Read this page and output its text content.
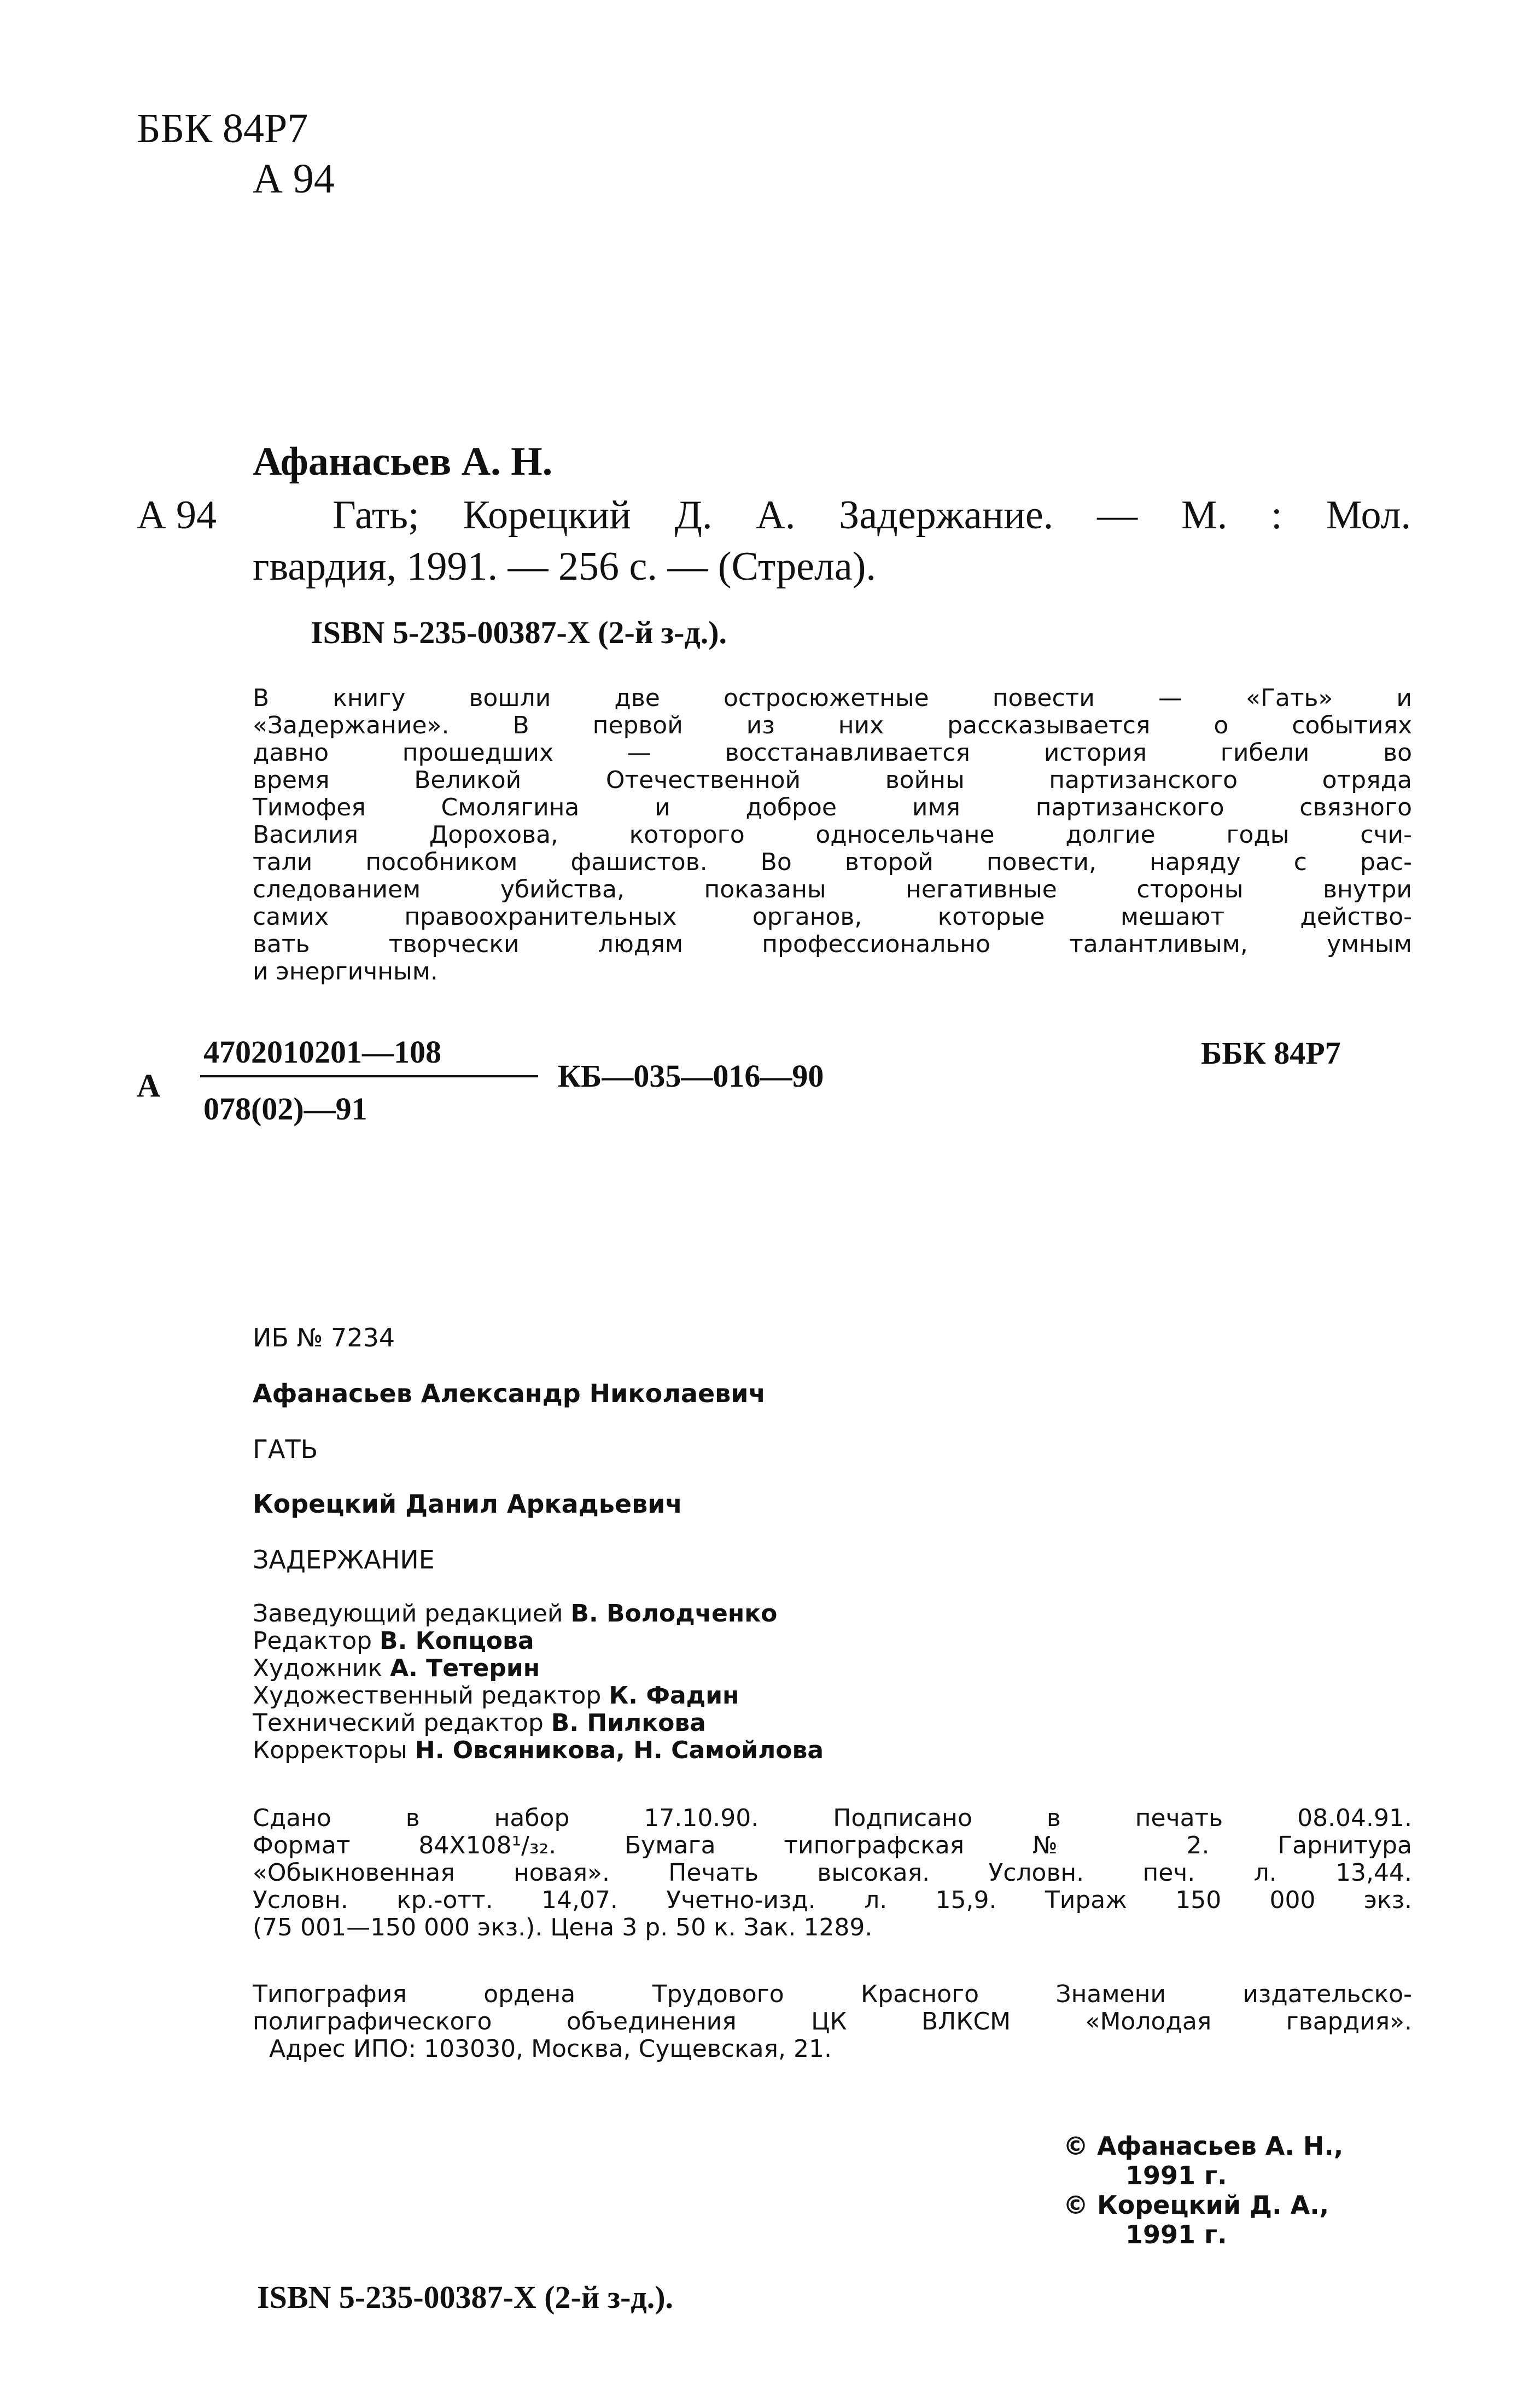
ББК 84Р7
А 94
Афанасьев А. Н.
А 94	Гать; Корецкий Д. А. Задержание. — М. : Мол.
гвардия, 1991. — 256 с. — (Стрела).
ISBN 5-235-00387-X (2-й з-д.).
В книгу вошли две остросюжетные повести — «Гать» и
«Задержание». В первой из них рассказывается о событиях
давно прошедших — восстанавливается история гибели во
время Великой Отечественной войны партизанского отряда
Тимофея Смолягина и доброе имя партизанского связного
Василия Дорохова, которого односельчане долгие годы счи-
тали пособником фашистов. Во второй повести, наряду с рас-
следованием убийства, показаны негативные стороны внутри
самих правоохранительных органов, которые мешают действо-
вать творчески людям профессионально талантливым, умным
и энергичным.
А
4702010201—108
078(02)—91
КБ—035—016—90
ББК 84Р7
ИБ № 7234
Афанасьев Александр Николаевич
ГАТЬ
Корецкий Данил Аркадьевич
ЗАДЕРЖАНИЕ
Заведующий редакцией В. Володченко
Редактор В. Копцова
Художник А. Тетерин
Художественный редактор К. Фадин
Технический редактор В. Пилкова
Корректоры Н. Овсяникова, Н. Самойлова
Сдано в набор 17.10.90. Подписано в печать 08.04.91.
Формат 84Х108¹/₃₂. Бумага типографская № 2. Гарнитура
«Обыкновенная новая». Печать высокая. Условн. печ. л. 13,44.
Условн. кр.-отт. 14,07. Учетно-изд. л. 15,9. Тираж 150 000 экз.
(75 001—150 000 экз.). Цена 3 р. 50 к. Зак. 1289.
Типография ордена Трудового Красного Знамени издательско-
полиграфического объединения ЦК ВЛКСМ «Молодая гвардия».
Адрес ИПО: 103030, Москва, Сущевская, 21.
© Афанасьев А. Н.,
1991 г.
© Корецкий Д. А.,
1991 г.
ISBN 5-235-00387-X (2-й з-д.).
